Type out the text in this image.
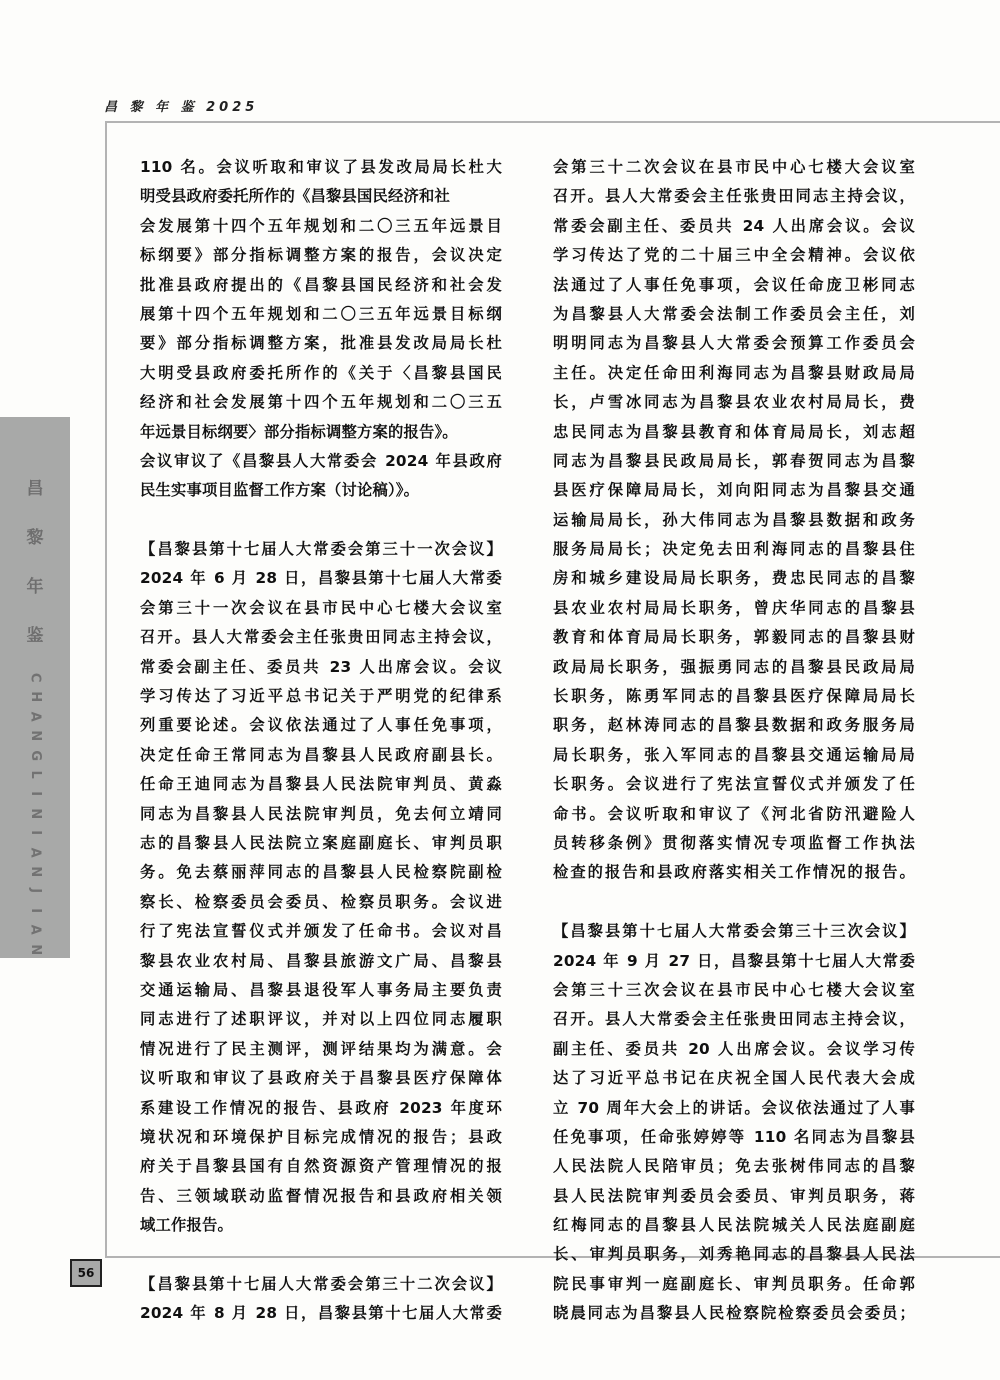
昌 黎 年 鉴 2025
昌
黎
年
鉴
C
H
A
N
G
L
I
N
I
A
N
J
I
A
N
56
110 名。会议听取和审议了县发改局局长杜大
明受县政府委托所作的《昌黎县国民经济和社
会发展第十四个五年规划和二〇三五年远景目
标纲要》部分指标调整方案的报告，会议决定
批准县政府提出的《昌黎县国民经济和社会发
展第十四个五年规划和二〇三五年远景目标纲
要》部分指标调整方案，批准县发改局局长杜
大明受县政府委托所作的《关于〈昌黎县国民
经济和社会发展第十四个五年规划和二〇三五
年远景目标纲要〉部分指标调整方案的报告》。
会议审议了《昌黎县人大常委会 2024 年县政府
民生实事项目监督工作方案（讨论稿）》。
【昌黎县第十七届人大常委会第三十一次会议】
2024 年 6 月 28 日，昌黎县第十七届人大常委
会第三十一次会议在县市民中心七楼大会议室
召开。县人大常委会主任张贵田同志主持会议，
常委会副主任、委员共 23 人出席会议。会议
学习传达了习近平总书记关于严明党的纪律系
列重要论述。会议依法通过了人事任免事项，
决定任命王常同志为昌黎县人民政府副县长。
任命王迪同志为昌黎县人民法院审判员、黄淼
同志为昌黎县人民法院审判员，免去何立靖同
志的昌黎县人民法院立案庭副庭长、审判员职
务。免去蔡丽萍同志的昌黎县人民检察院副检
察长、检察委员会委员、检察员职务。会议进
行了宪法宣誓仪式并颁发了任命书。会议对昌
黎县农业农村局、昌黎县旅游文广局、昌黎县
交通运输局、昌黎县退役军人事务局主要负责
同志进行了述职评议，并对以上四位同志履职
情况进行了民主测评，测评结果均为满意。会
议听取和审议了县政府关于昌黎县医疗保障体
系建设工作情况的报告、县政府 2023 年度环
境状况和环境保护目标完成情况的报告；县政
府关于昌黎县国有自然资源资产管理情况的报
告、三领域联动监督情况报告和县政府相关领
域工作报告。
【昌黎县第十七届人大常委会第三十二次会议】
2024 年 8 月 28 日，昌黎县第十七届人大常委
会第三十二次会议在县市民中心七楼大会议室
召开。县人大常委会主任张贵田同志主持会议，
常委会副主任、委员共 24 人出席会议。会议
学习传达了党的二十届三中全会精神。会议依
法通过了人事任免事项，会议任命庞卫彬同志
为昌黎县人大常委会法制工作委员会主任，刘
明明同志为昌黎县人大常委会预算工作委员会
主任。决定任命田利海同志为昌黎县财政局局
长，卢雪冰同志为昌黎县农业农村局局长，费
忠民同志为昌黎县教育和体育局局长，刘志超
同志为昌黎县民政局局长，郭春贺同志为昌黎
县医疗保障局局长，刘向阳同志为昌黎县交通
运输局局长，孙大伟同志为昌黎县数据和政务
服务局局长；决定免去田利海同志的昌黎县住
房和城乡建设局局长职务，费忠民同志的昌黎
县农业农村局局长职务，曾庆华同志的昌黎县
教育和体育局局长职务，郭毅同志的昌黎县财
政局局长职务，强振勇同志的昌黎县民政局局
长职务，陈勇军同志的昌黎县医疗保障局局长
职务，赵林涛同志的昌黎县数据和政务服务局
局长职务，张入军同志的昌黎县交通运输局局
长职务。会议进行了宪法宣誓仪式并颁发了任
命书。会议听取和审议了《河北省防汛避险人
员转移条例》贯彻落实情况专项监督工作执法
检查的报告和县政府落实相关工作情况的报告。
【昌黎县第十七届人大常委会第三十三次会议】
2024 年 9 月 27 日，昌黎县第十七届人大常委
会第三十三次会议在县市民中心七楼大会议室
召开。县人大常委会主任张贵田同志主持会议，
副主任、委员共 20 人出席会议。会议学习传
达了习近平总书记在庆祝全国人民代表大会成
立 70 周年大会上的讲话。会议依法通过了人事
任免事项，任命张婷婷等 110 名同志为昌黎县
人民法院人民陪审员；免去张树伟同志的昌黎
县人民法院审判委员会委员、审判员职务，蒋
红梅同志的昌黎县人民法院城关人民法庭副庭
长、审判员职务，刘秀艳同志的昌黎县人民法
院民事审判一庭副庭长、审判员职务。任命郭
晓晨同志为昌黎县人民检察院检察委员会委员；
